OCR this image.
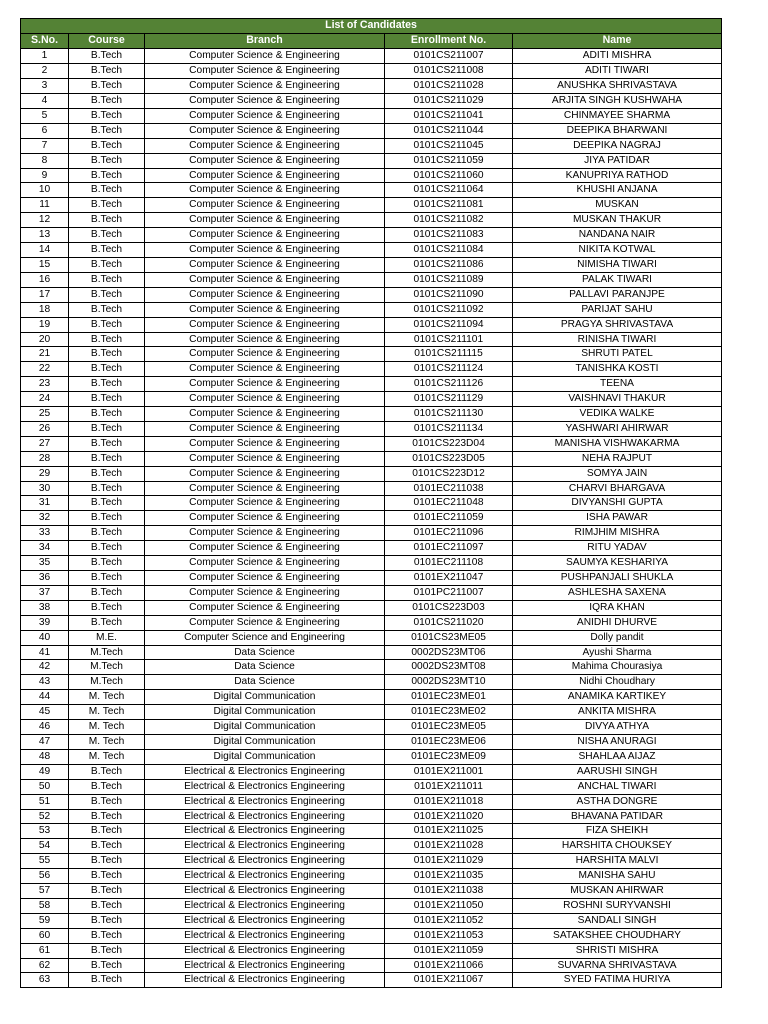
List of Candidates				
S.No.	Course	Branch	Enrollment No.	Name
1	B.Tech	Computer Science & Engineering	0101CS211007	ADITI MISHRA
2	B.Tech	Computer Science & Engineering	0101CS211008	ADITI TIWARI
3	B.Tech	Computer Science & Engineering	0101CS211028	ANUSHKA SHRIVASTAVA
4	B.Tech	Computer Science & Engineering	0101CS211029	ARJITA SINGH KUSHWAHA
5	B.Tech	Computer Science & Engineering	0101CS211041	CHINMAYEE SHARMA
6	B.Tech	Computer Science & Engineering	0101CS211044	DEEPIKA BHARWANI
7	B.Tech	Computer Science & Engineering	0101CS211045	DEEPIKA NAGRAJ
8	B.Tech	Computer Science & Engineering	0101CS211059	JIYA PATIDAR
9	B.Tech	Computer Science & Engineering	0101CS211060	KANUPRIYA RATHOD
10	B.Tech	Computer Science & Engineering	0101CS211064	KHUSHI ANJANA
11	B.Tech	Computer Science & Engineering	0101CS211081	MUSKAN
12	B.Tech	Computer Science & Engineering	0101CS211082	MUSKAN THAKUR
13	B.Tech	Computer Science & Engineering	0101CS211083	NANDANA NAIR
14	B.Tech	Computer Science & Engineering	0101CS211084	NIKITA KOTWAL
15	B.Tech	Computer Science & Engineering	0101CS211086	NIMISHA TIWARI
16	B.Tech	Computer Science & Engineering	0101CS211089	PALAK TIWARI
17	B.Tech	Computer Science & Engineering	0101CS211090	PALLAVI PARANJPE
18	B.Tech	Computer Science & Engineering	0101CS211092	PARIJAT SAHU
19	B.Tech	Computer Science & Engineering	0101CS211094	PRAGYA SHRIVASTAVA
20	B.Tech	Computer Science & Engineering	0101CS211101	RINISHA TIWARI
21	B.Tech	Computer Science & Engineering	0101CS211115	SHRUTI PATEL
22	B.Tech	Computer Science & Engineering	0101CS211124	TANISHKA KOSTI
23	B.Tech	Computer Science & Engineering	0101CS211126	TEENA
24	B.Tech	Computer Science & Engineering	0101CS211129	VAISHNAVI THAKUR
25	B.Tech	Computer Science & Engineering	0101CS211130	VEDIKA WALKE
26	B.Tech	Computer Science & Engineering	0101CS211134	YASHWARI AHIRWAR
27	B.Tech	Computer Science & Engineering	0101CS223D04	MANISHA VISHWAKARMA
28	B.Tech	Computer Science & Engineering	0101CS223D05	NEHA RAJPUT
29	B.Tech	Computer Science & Engineering	0101CS223D12	SOMYA JAIN
30	B.Tech	Computer Science & Engineering	0101EC211038	CHARVI BHARGAVA
31	B.Tech	Computer Science & Engineering	0101EC211048	DIVYANSHI GUPTA
32	B.Tech	Computer Science & Engineering	0101EC211059	ISHA PAWAR
33	B.Tech	Computer Science & Engineering	0101EC211096	RIMJHIM MISHRA
34	B.Tech	Computer Science & Engineering	0101EC211097	RITU YADAV
35	B.Tech	Computer Science & Engineering	0101EC211108	SAUMYA KESHARIYA
36	B.Tech	Computer Science & Engineering	0101EX211047	PUSHPANJALI SHUKLA
37	B.Tech	Computer Science & Engineering	0101PC211007	ASHLESHA SAXENA
38	B.Tech	Computer Science & Engineering	0101CS223D03	IQRA KHAN
39	B.Tech	Computer Science & Engineering	0101CS211020	ANIDHI DHURVE
40	M.E.	Computer Science and Engineering	0101CS23ME05	Dolly pandit
41	M.Tech	Data Science	0002DS23MT06	Ayushi Sharma
42	M.Tech	Data Science	0002DS23MT08	Mahima Chourasiya
43	M.Tech	Data Science	0002DS23MT10	Nidhi Choudhary
44	M. Tech	Digital Communication	0101EC23ME01	ANAMIKA KARTIKEY
45	M. Tech	Digital Communication	0101EC23ME02	ANKITA MISHRA
46	M. Tech	Digital Communication	0101EC23ME05	DIVYA ATHYA
47	M. Tech	Digital Communication	0101EC23ME06	NISHA ANURAGI
48	M. Tech	Digital Communication	0101EC23ME09	SHAHLAA AIJAZ
49	B.Tech	Electrical & Electronics Engineering	0101EX211001	AARUSHI SINGH
50	B.Tech	Electrical & Electronics Engineering	0101EX211011	ANCHAL TIWARI
51	B.Tech	Electrical & Electronics Engineering	0101EX211018	ASTHA DONGRE
52	B.Tech	Electrical & Electronics Engineering	0101EX211020	BHAVANA PATIDAR
53	B.Tech	Electrical & Electronics Engineering	0101EX211025	FIZA SHEIKH
54	B.Tech	Electrical & Electronics Engineering	0101EX211028	HARSHITA CHOUKSEY
55	B.Tech	Electrical & Electronics Engineering	0101EX211029	HARSHITA MALVI
56	B.Tech	Electrical & Electronics Engineering	0101EX211035	MANISHA SAHU
57	B.Tech	Electrical & Electronics Engineering	0101EX211038	MUSKAN AHIRWAR
58	B.Tech	Electrical & Electronics Engineering	0101EX211050	ROSHNI SURYVANSHI
59	B.Tech	Electrical & Electronics Engineering	0101EX211052	SANDALI SINGH
60	B.Tech	Electrical & Electronics Engineering	0101EX211053	SATAKSHEE CHOUDHARY
61	B.Tech	Electrical & Electronics Engineering	0101EX211059	SHRISTI MISHRA
62	B.Tech	Electrical & Electronics Engineering	0101EX211066	SUVARNA SHRIVASTAVA
63	B.Tech	Electrical & Electronics Engineering	0101EX211067	SYED FATIMA HURIYA
